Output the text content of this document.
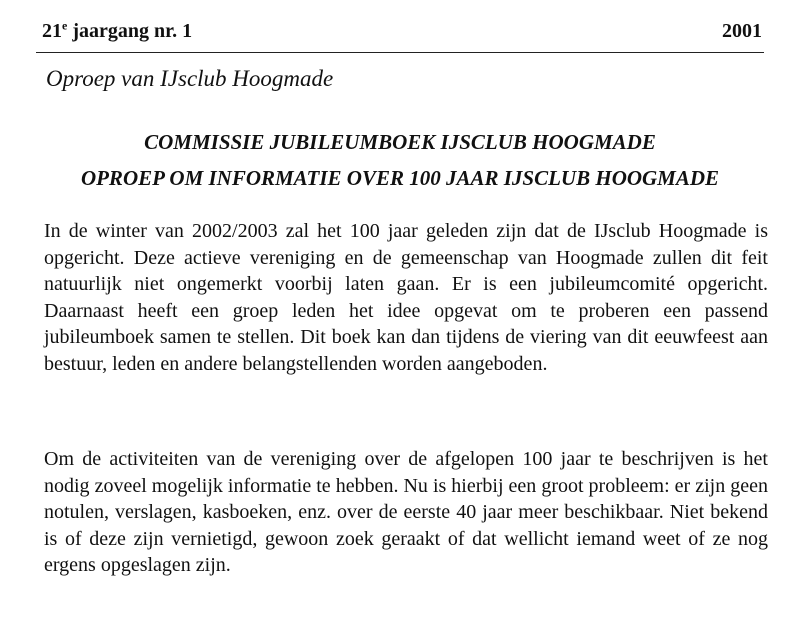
21e jaargang nr. 1	2001
Oproep van IJsclub Hoogmade
COMMISSIE JUBILEUMBOEK IJSCLUB HOOGMADE
OPROEP OM INFORMATIE OVER 100 JAAR IJSCLUB HOOGMADE

In de winter van 2002/2003 zal het 100 jaar geleden zijn dat de IJsclub Hoogmade is opgericht. Deze actieve vereniging en de gemeenschap van Hoogmade zullen dit feit natuurlijk niet ongemerkt voorbij laten gaan. Er is een jubileumcomité opgericht. Daarnaast heeft een groep leden het idee opgevat om te proberen een passend jubileumboek samen te stellen. Dit boek kan dan tijdens de viering van dit eeuwfeest aan bestuur, leden en andere belangstellenden worden aangeboden.

Om de activiteiten van de vereniging over de afgelopen 100 jaar te beschrijven is het nodig zoveel mogelijk informatie te hebben. Nu is hierbij een groot probleem: er zijn geen notulen, verslagen, kasboeken, enz. over de eerste 40 jaar meer beschikbaar. Niet bekend is of deze zijn vernietigd, gewoon zoek geraakt of dat wellicht iemand weet of ze nog ergens opgeslagen zijn.
